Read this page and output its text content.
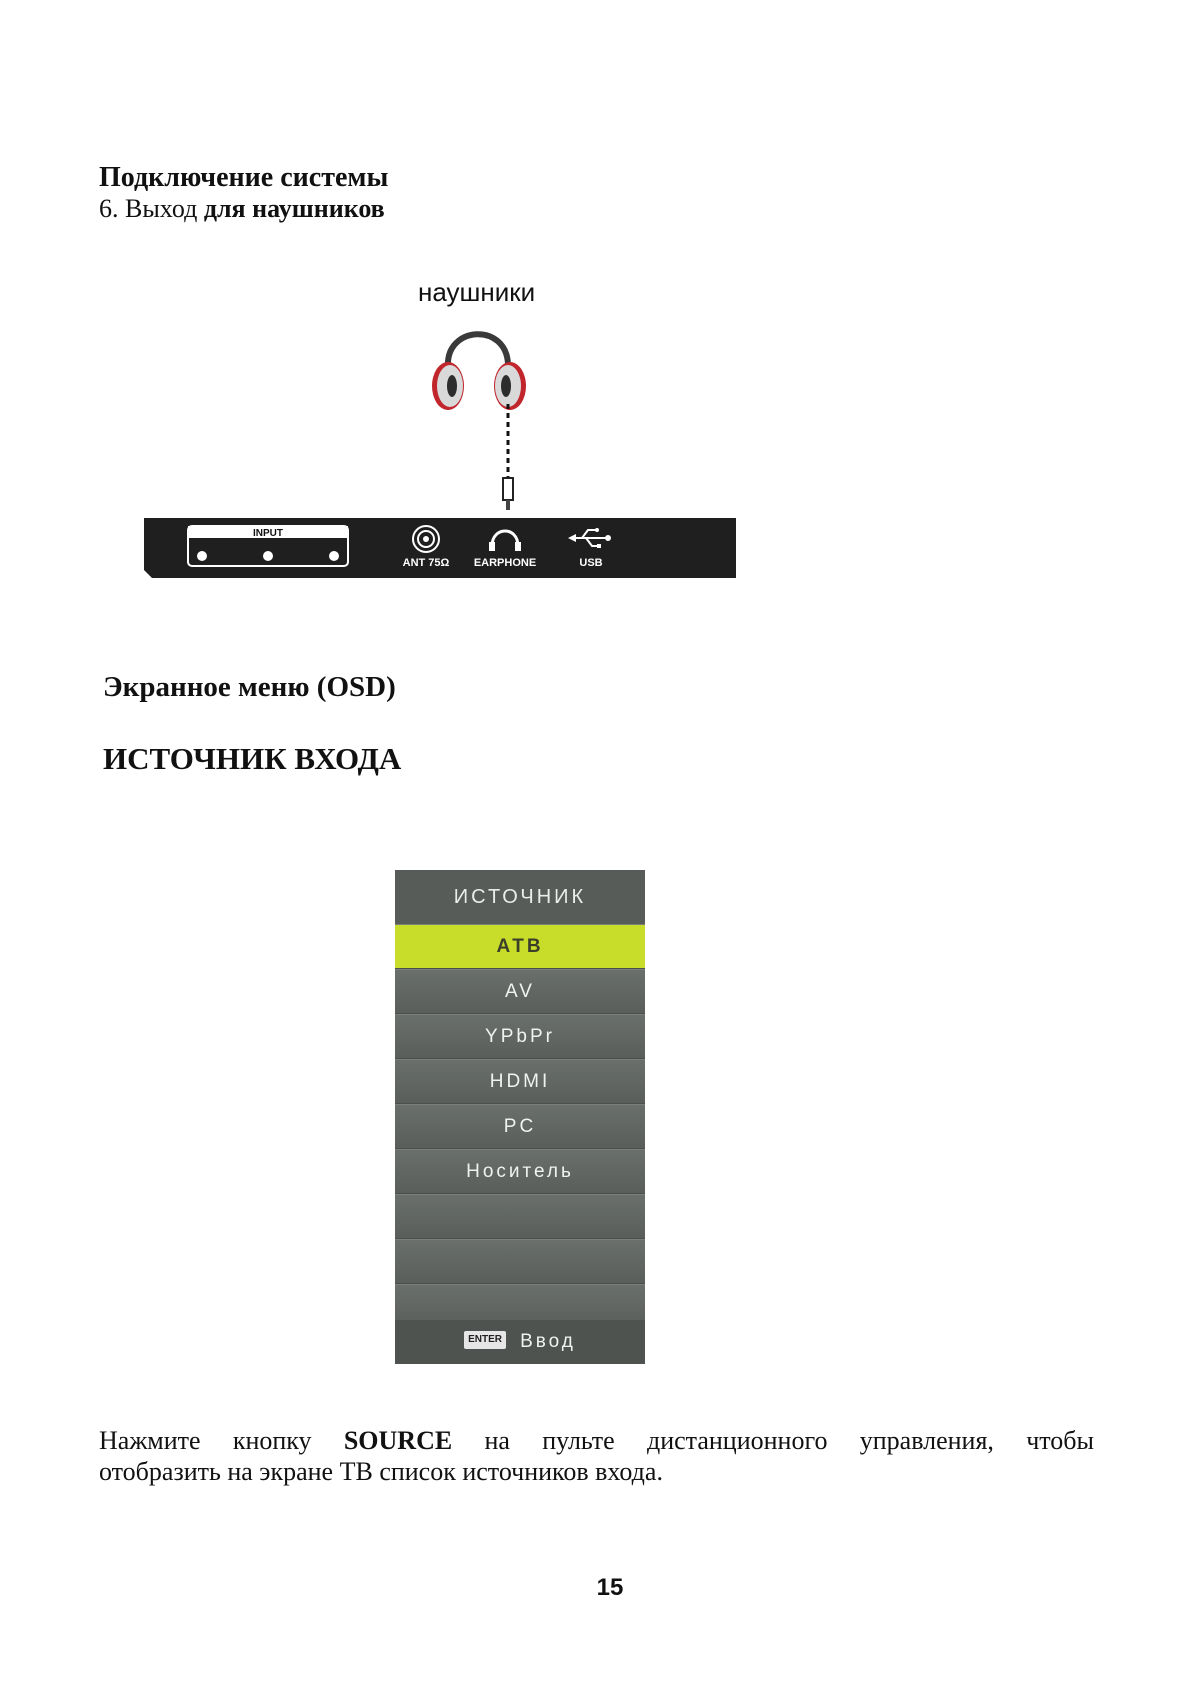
Подключение системы
6. Выход для наушников
наушники
INPUT
ANT 75Ω EARPHONE	USB
Экранное меню (OSD)
ИСТОЧНИК ВХОДА
ИСТОЧНИК
АТВ
AV
YPbPr
HDMI
PC
Носитель
ENTER Ввод
Нажмите кнопку SOURCE на пульте дистанционного управления, чтобы
отобразить на экране ТВ список источников входа.
15
